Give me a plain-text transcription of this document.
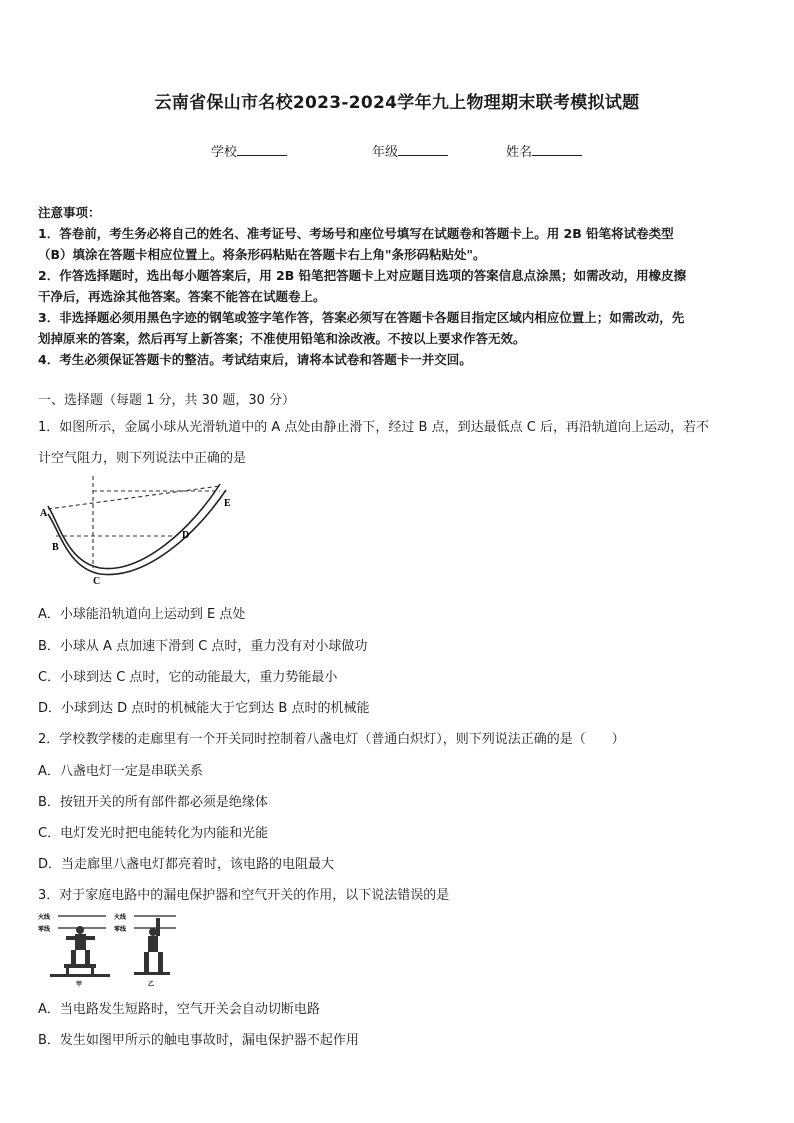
云南省保山市名校2023-2024学年九上物理期末联考模拟试题
学校	年级	姓名
注意事项：
1．答卷前，考生务必将自己的姓名、准考证号、考场号和座位号填写在试题卷和答题卡上。用 2B 铅笔将试卷类型
（B）填涂在答题卡相应位置上。将条形码粘贴在答题卡右上角"条形码粘贴处"。
2．作答选择题时，选出每小题答案后，用 2B 铅笔把答题卡上对应题目选项的答案信息点涂黑；如需改动，用橡皮擦
干净后，再选涂其他答案。答案不能答在试题卷上。
3．非选择题必须用黑色字迹的钢笔或签字笔作答，答案必须写在答题卡各题目指定区域内相应位置上；如需改动，先
划掉原来的答案，然后再写上新答案；不准使用铅笔和涂改液。不按以上要求作答无效。
4．考生必须保证答题卡的整洁。考试结束后，请将本试卷和答题卡一并交回。
一、选择题（每题 1 分，共 30 题，30 分）
1．如图所示，金属小球从光滑轨道中的 A 点处由静止滑下，经过 B 点，到达最低点 C 后，再沿轨道向上运动，若不
计空气阻力，则下列说法中正确的是
A
B
C
D
E
A．小球能沿轨道向上运动到 E 点处
B．小球从 A 点加速下滑到 C 点时，重力没有对小球做功
C．小球到达 C 点时，它的动能最大，重力势能最小
D．小球到达 D 点时的机械能大于它到达 B 点时的机械能
2．学校教学楼的走廊里有一个开关同时控制着八盏电灯（普通白炽灯），则下列说法正确的是（　　）
A．八盏电灯一定是串联关系
B．按钮开关的所有部件都必须是绝缘体
C．电灯发光时把电能转化为内能和光能
D．当走廊里八盏电灯都亮着时，该电路的电阻最大
3．对于家庭电路中的漏电保护器和空气开关的作用，以下说法错误的是
火线
零线
火线
零线
甲	乙
A．当电路发生短路时，空气开关会自动切断电路
B．发生如图甲所示的触电事故时，漏电保护器不起作用
